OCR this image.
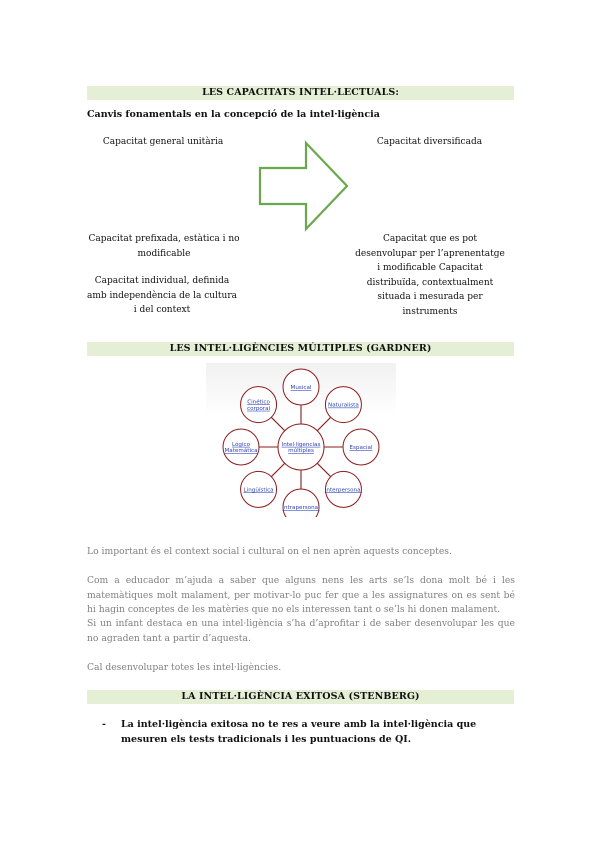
LES CAPACITATS INTEL·LECTUALS:
Canvis fonamentals en la concepció de la intel·ligència
Capacitat general unitària	Capacitat diversificada
Capacitat prefixada, estàtica i no modificable
Capacitat individual, definida amb independència de la cultura i del context
Capacitat que es pot desenvolupar per l’aprenentatge i modificable Capacitat distribuïda, contextualment situada i mesurada per instruments
LES INTEL·LIGÈNCIES MÚLTIPLES (GARDNER)
Intel·ligencias múltiples
Musical
Naturalista
Espacial
Interpersonal
Intrapersonal
Lingüística
Lógico Matemática
Cinético corporal
Lo important és el context social i cultural on el nen aprèn aquests conceptes.
Com a educador m’ajuda a saber que alguns nens les arts se’ls dona molt bé i les matemàtiques molt malament, per motivar-lo puc fer que a les assignatures on es sent bé hi hagin conceptes de les matèries que no els interessen tant o se’ls hi donen malament.
Si un infant destaca en una intel·ligència s’ha d’aprofitar i de saber desenvolupar les que no agraden tant a partir d’aquesta.
Cal desenvolupar totes les intel·ligències.
LA INTEL·LIGÈNCIA EXITOSA (STENBERG)
- La intel·ligència exitosa no te res a veure amb la intel·ligència que mesuren els tests tradicionals i les puntuacions de QI.
